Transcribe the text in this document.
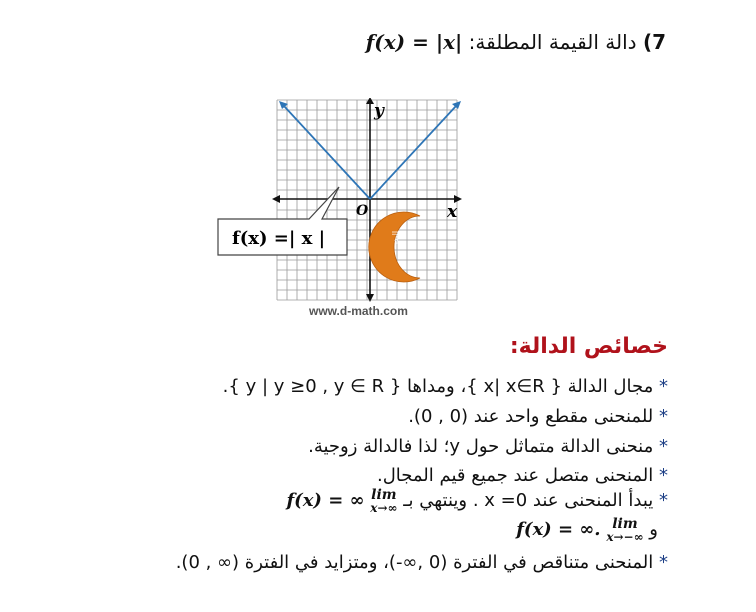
7) دالة القيمة المطلقة: f(x) = |x|
y
x
O
البدر
f(x) =| x |
www.d-math.com
خصائص الدالة:
* مجال الدالة { x| x∈R }، ومداها { y | y ≥0 , y ∈ R }.
* للمنحنى مقطع واحد عند (0 , 0).
* منحنى الدالة متماثل حول y؛ لذا فالدالة زوجية.
* المنحنى متصل عند جميع قيم المجال.
* يبدأ المنحنى عند 0= x . وينتهي بـ
lim
x→∞
f(x) = ∞
و
lim
x→−∞
f(x) = ∞.
* المنحنى متناقص في الفترة (0 ,∞-)، ومتزايد في الفترة (∞ , 0).
